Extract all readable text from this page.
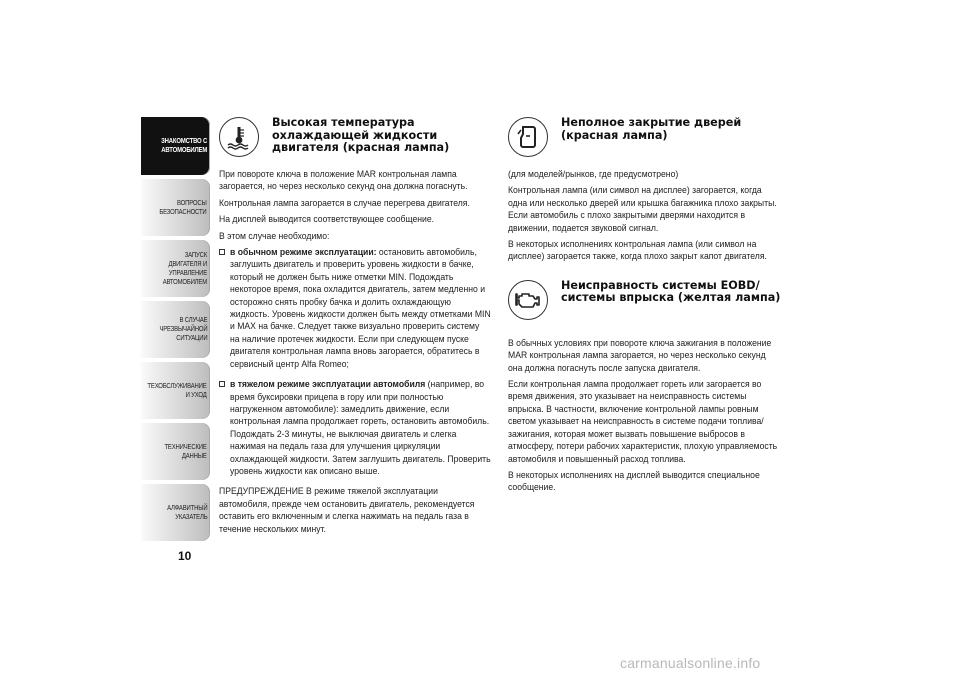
ЗНАКОМСТВО С
АВТОМОБИЛЕМ
ВОПРОСЫ
БЕЗОПАСНОСТИ
ЗАПУСК ДВИГАТЕЛЯ И
УПРАВЛЕНИЕ
АВТОМОБИЛЕМ
В СЛУЧАЕ
ЧРЕЗВЫЧАЙНОЙ
СИТУАЦИИ
ТЕХОБСЛУЖИВАНИЕ
И УХОД
ТЕХНИЧЕСКИЕ
ДАННЫЕ
АЛФАВИТНЫЙ
УКАЗАТЕЛЬ
10
Высокая температура охлаждающей жидкости двигателя (красная лампа)

При повороте ключа в положение MAR контрольная лампа загорается, но через несколько секунд она должна погаснуть.

Контрольная лампа загорается в случае перегрева двигателя.

На дисплей выводится соответствующее сообщение.

В этом случае необходимо:

в обычном режиме эксплуатации: остановить автомобиль, заглушить двигатель и проверить уровень жидкости в бачке, который не должен быть ниже отметки MIN. Подождать некоторое время, пока охладится двигатель, затем медленно и осторожно снять пробку бачка и долить охлаждающую жидкость. Уровень жидкости должен быть между отметками MIN и MAX на бачке. Следует также визуально проверить систему на наличие протечек жидкости. Если при следующем пуске двигателя контрольная лампа вновь загорается, обратитесь в сервисный центр Alfa Romeo;

в тяжелом режиме эксплуатации автомобиля (например, во время буксировки прицепа в гору или при полностью нагруженном автомобиле): замедлить движение, если контрольная лампа продолжает гореть, остановить автомобиль. Подождать 2-3 минуты, не выключая двигатель и слегка нажимая на педаль газа для улучшения циркуляции охлаждающей жидкости. Затем заглушить двигатель. Проверить уровень жидкости как описано выше.

ПРЕДУПРЕЖДЕНИЕ В режиме тяжелой эксплуатации автомобиля, прежде чем остановить двигатель, рекомендуется оставить его включенным и слегка нажимать на педаль газа в течение нескольких минут.

Неполное закрытие дверей (красная лампа)

(для моделей/рынков, где предусмотрено)

Контрольная лампа (или символ на дисплее) загорается, когда одна или несколько дверей или крышка багажника плохо закрыты. Если автомобиль с плохо закрытыми дверями находится в движении, подается звуковой сигнал.

В некоторых исполнениях контрольная лампа (или символ на дисплее) загорается также, когда плохо закрыт капот двигателя.

Неисправность системы EOBD/системы впрыска (желтая лампа)

В обычных условиях при повороте ключа зажигания в положение MAR контрольная лампа загорается, но через несколько секунд она должна погаснуть после запуска двигателя.

Если контрольная лампа продолжает гореть или загорается во время движения, это указывает на неисправность системы впрыска. В частности, включение контрольной лампы ровным светом указывает на неисправность в системе подачи топлива/зажигания, которая может вызвать повышение выбросов в атмосферу, потери рабочих характеристик, плохую управляемость автомобиля и повышенный расход топлива.

В некоторых исполнениях на дисплей выводится специальное сообщение.

carmanualsonline.info
